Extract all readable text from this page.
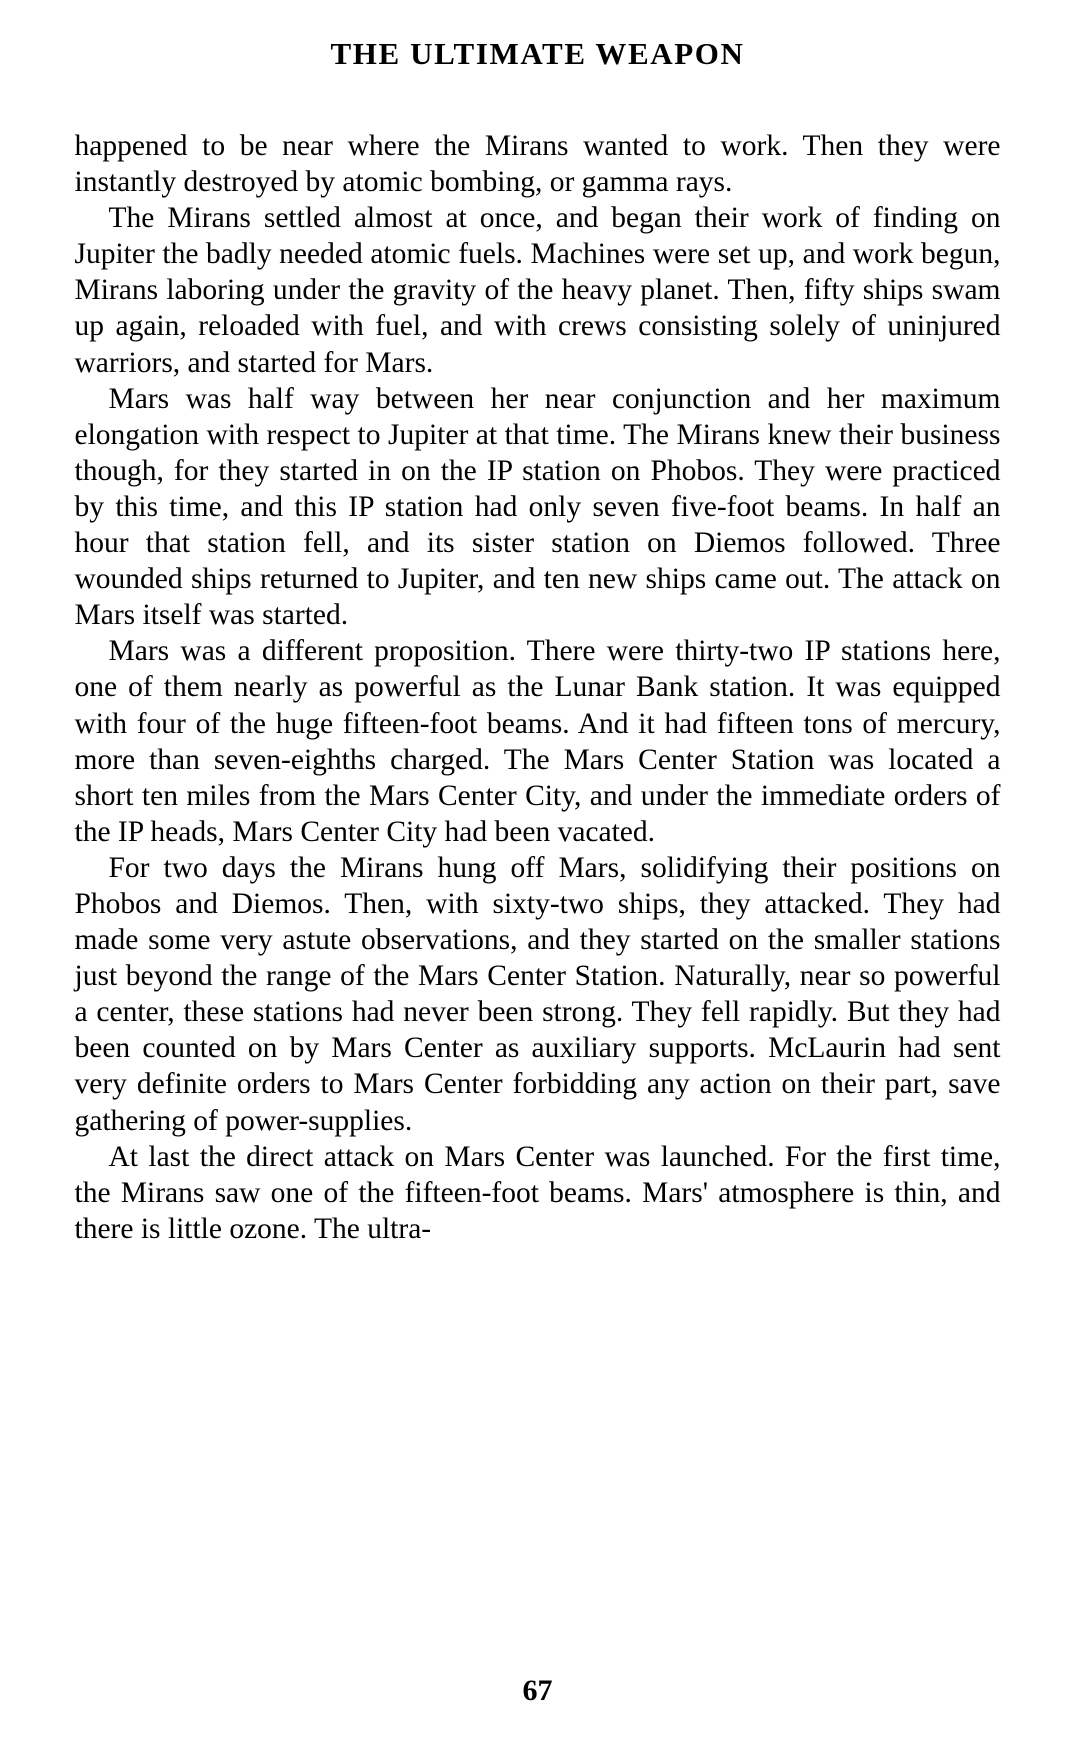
THE ULTIMATE WEAPON

happened to be near where the Mirans wanted to work. Then they were instantly destroyed by atomic bombing, or gamma rays.

The Mirans settled almost at once, and began their work of finding on Jupiter the badly needed atomic fuels. Machines were set up, and work begun, Mirans laboring under the gravity of the heavy planet. Then, fifty ships swam up again, reloaded with fuel, and with crews consisting solely of uninjured warriors, and started for Mars.

Mars was half way between her near conjunction and her maximum elongation with respect to Jupiter at that time. The Mirans knew their business though, for they started in on the IP station on Phobos. They were practiced by this time, and this IP station had only seven five-foot beams. In half an hour that station fell, and its sister station on Diemos followed. Three wounded ships returned to Jupiter, and ten new ships came out. The attack on Mars itself was started.

Mars was a different proposition. There were thirty-two IP stations here, one of them nearly as powerful as the Lunar Bank station. It was equipped with four of the huge fifteen-foot beams. And it had fifteen tons of mercury, more than seven-eighths charged. The Mars Center Station was located a short ten miles from the Mars Center City, and under the immediate orders of the IP heads, Mars Center City had been vacated.

For two days the Mirans hung off Mars, solidifying their positions on Phobos and Diemos. Then, with sixty-two ships, they attacked. They had made some very astute observations, and they started on the smaller stations just beyond the range of the Mars Center Station. Naturally, near so powerful a center, these stations had never been strong. They fell rapidly. But they had been counted on by Mars Center as auxiliary supports. McLaurin had sent very definite orders to Mars Center forbidding any action on their part, save gathering of power-supplies.

At last the direct attack on Mars Center was launched. For the first time, the Mirans saw one of the fifteen-foot beams. Mars' atmosphere is thin, and there is little ozone. The ultra-

67
